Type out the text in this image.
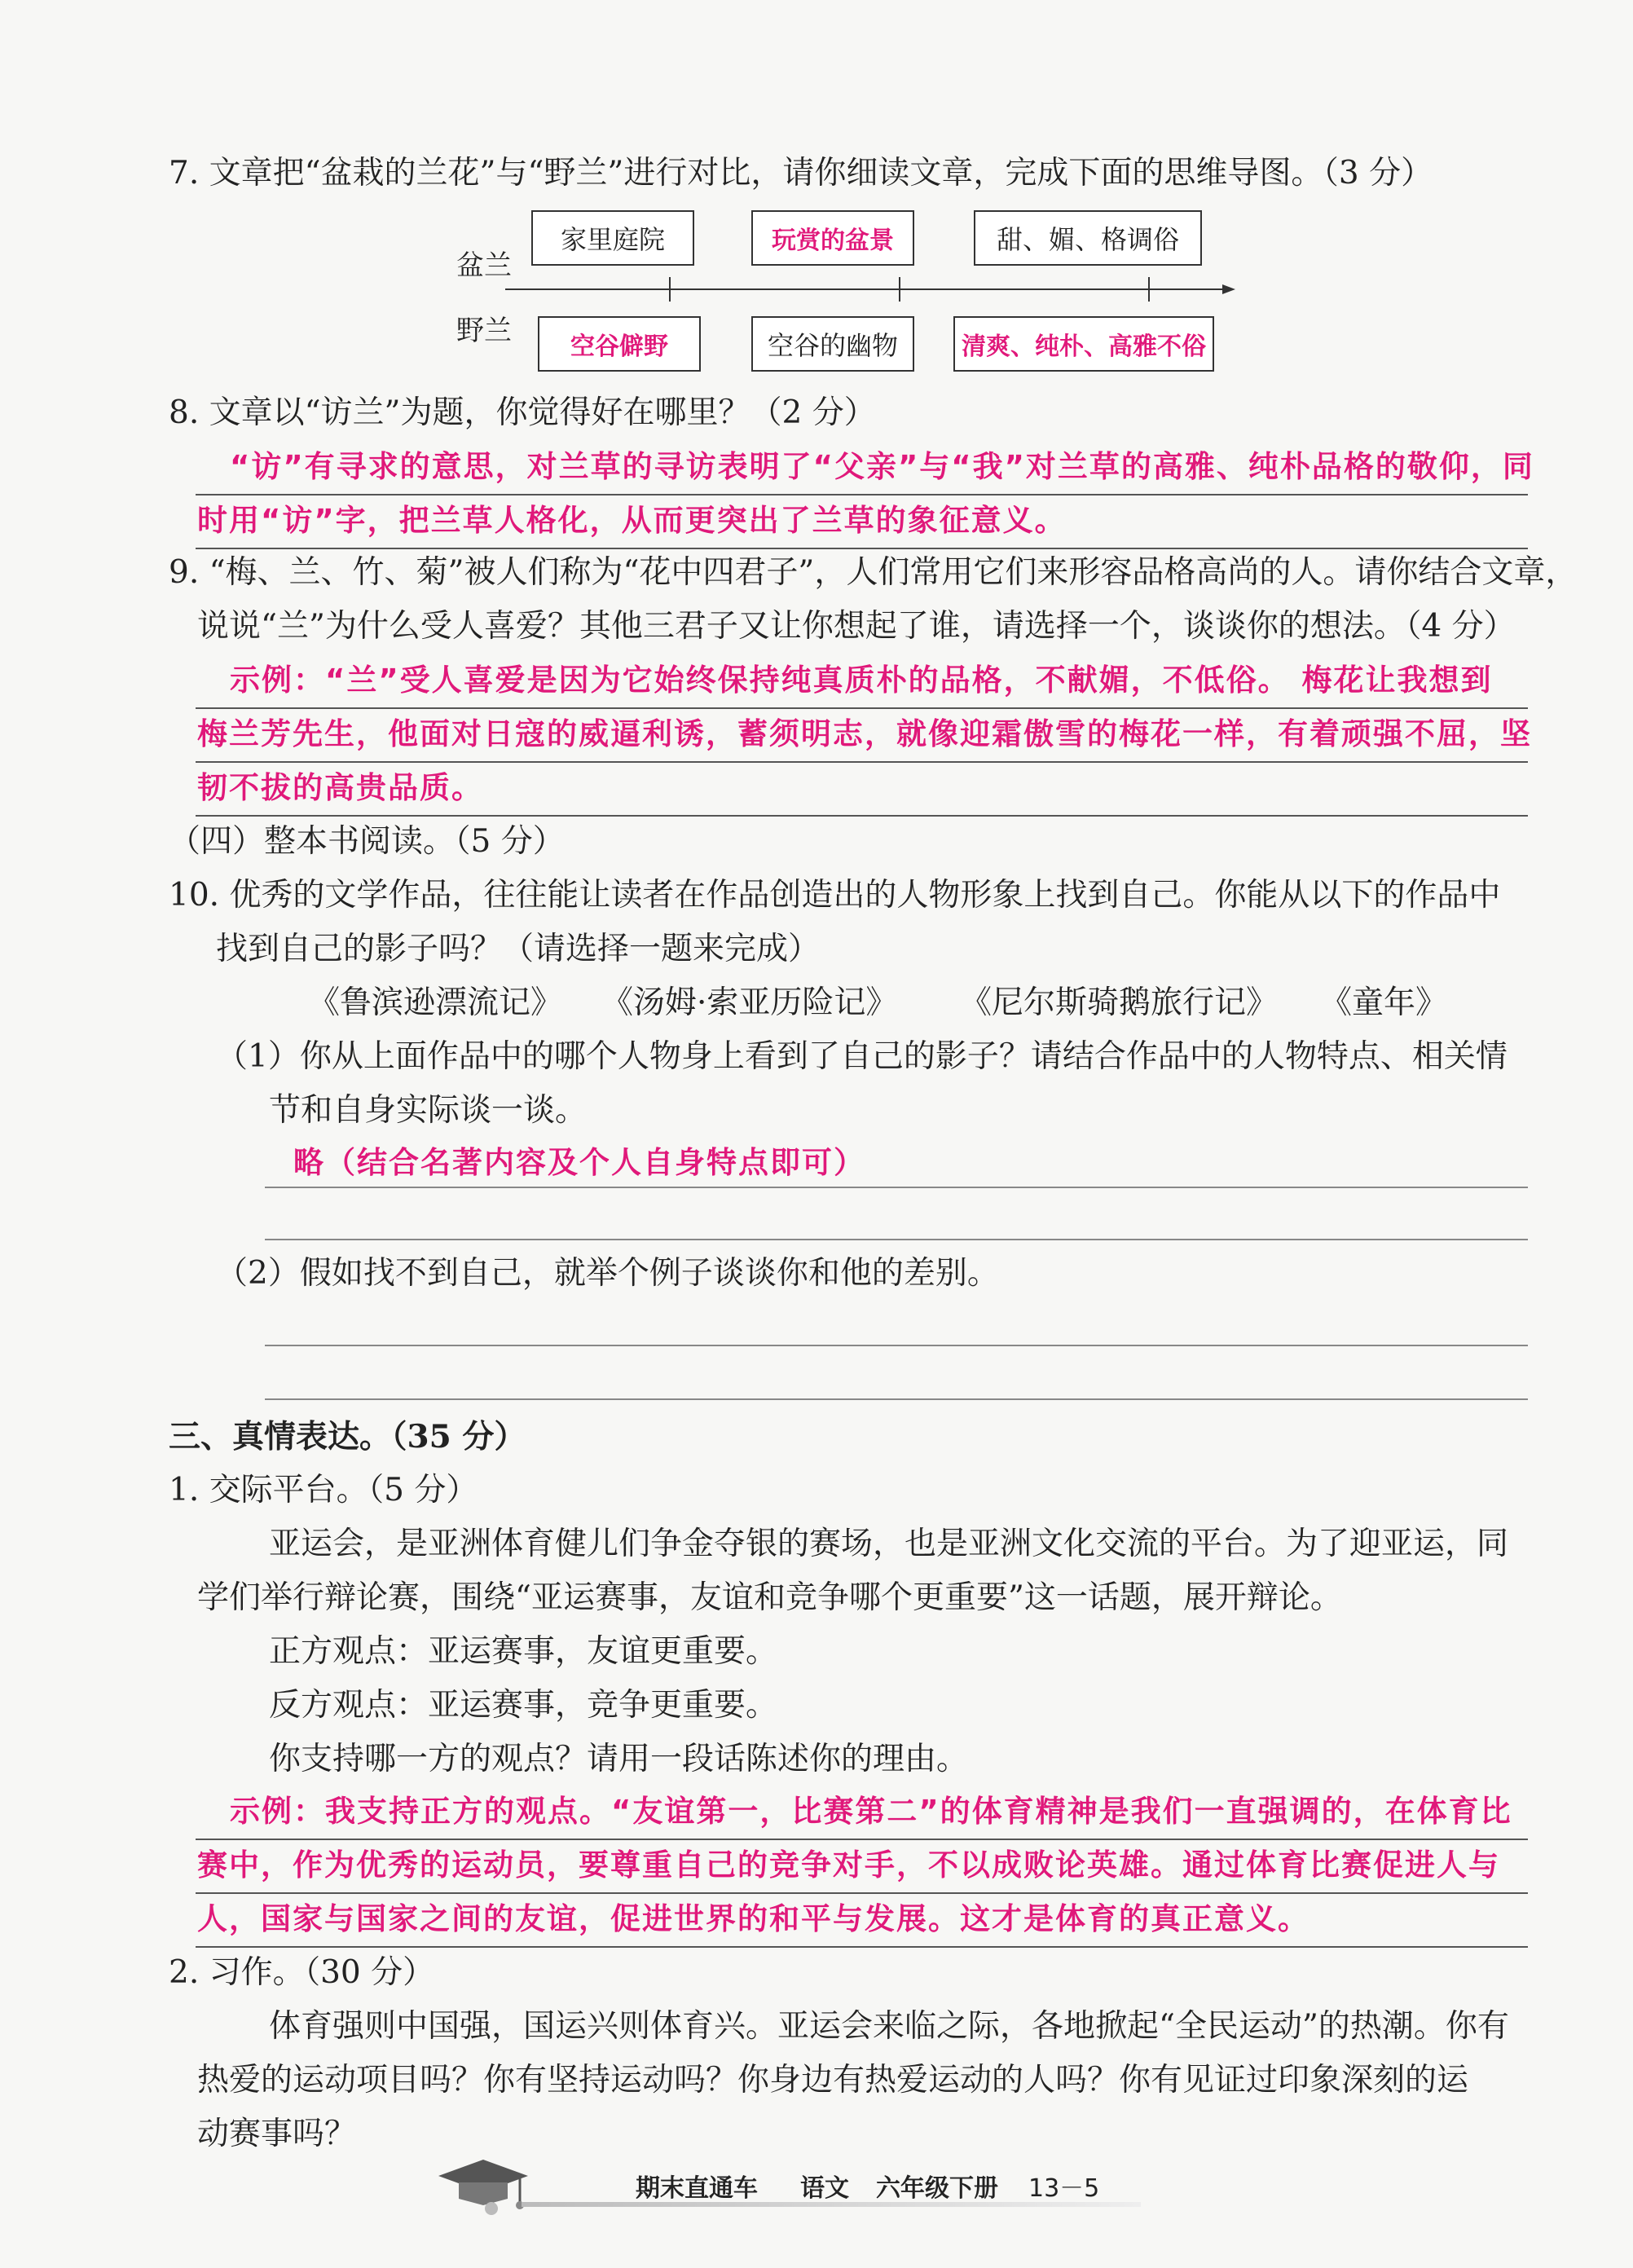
7. 文章把“盆栽的兰花”与“野兰”进行对比，请你细读文章，完成下面的思维导图。（3 分）
盆兰
野兰
家里庭院	玩赏的盆景	甜、媚、格调俗
空谷僻野	空谷的幽物	清爽、纯朴、高雅不俗
8. 文章以“访兰”为题，你觉得好在哪里？（2 分）
“访”有寻求的意思，对兰草的寻访表明了“父亲”与“我”对兰草的高雅、纯朴品格的敬仰，同
时用“访”字，把兰草人格化，从而更突出了兰草的象征意义。
9. “梅、兰、竹、菊”被人们称为“花中四君子”，人们常用它们来形容品格高尚的人。请你结合文章，
说说“兰”为什么受人喜爱？其他三君子又让你想起了谁，请选择一个，谈谈你的想法。（4 分）
示例：“兰”受人喜爱是因为它始终保持纯真质朴的品格，不献媚，不低俗。 梅花让我想到
梅兰芳先生，他面对日寇的威逼利诱，蓄须明志，就像迎霜傲雪的梅花一样，有着顽强不屈，坚
韧不拔的高贵品质。
（四）整本书阅读。（5 分）
10. 优秀的文学作品，往往能让读者在作品创造出的人物形象上找到自己。你能从以下的作品中
找到自己的影子吗？（请选择一题来完成）
《鲁滨逊漂流记》 《汤姆·索亚历险记》 《尼尔斯骑鹅旅行记》 《童年》
（1）你从上面作品中的哪个人物身上看到了自己的影子？请结合作品中的人物特点、相关情
节和自身实际谈一谈。
略（结合名著内容及个人自身特点即可）
（2）假如找不到自己，就举个例子谈谈你和他的差别。
三、真情表达。（35 分）
1. 交际平台。（5 分）
亚运会，是亚洲体育健儿们争金夺银的赛场，也是亚洲文化交流的平台。为了迎亚运，同
学们举行辩论赛，围绕“亚运赛事，友谊和竞争哪个更重要”这一话题，展开辩论。
正方观点：亚运赛事，友谊更重要。
反方观点：亚运赛事，竞争更重要。
你支持哪一方的观点？请用一段话陈述你的理由。
示例：我支持正方的观点。“友谊第一，比赛第二”的体育精神是我们一直强调的，在体育比
赛中，作为优秀的运动员，要尊重自己的竞争对手，不以成败论英雄。通过体育比赛促进人与
人，国家与国家之间的友谊，促进世界的和平与发展。这才是体育的真正意义。
2. 习作。（30 分）
体育强则中国强，国运兴则体育兴。亚运会来临之际，各地掀起“全民运动”的热潮。你有
热爱的运动项目吗？你有坚持运动吗？你身边有热爱运动的人吗？你有见证过印象深刻的运
动赛事吗？
期末直通车 语文 六年级下册 13－5
